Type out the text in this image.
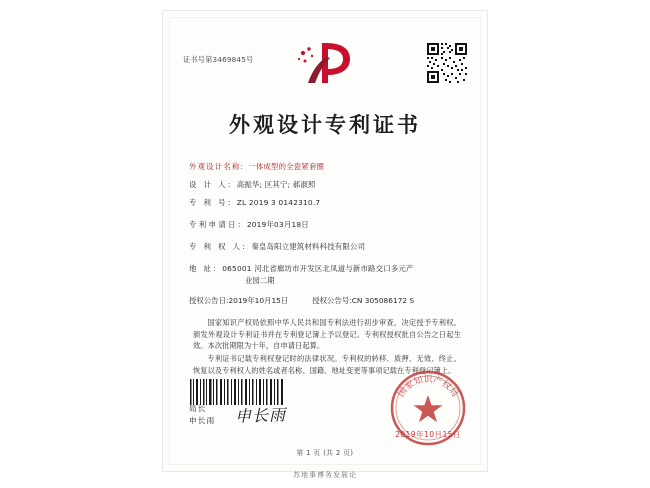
证书号第3469845号
外观设计专利证书
外观设计名称: 一体成型的全瓷紧套圈
设 计 人: 高振华; 区其宁; 郝淑照
专 利 号: ZL 2019 3 0142310.7
专利申请日: 2019年03月18日
专 利 权 人: 秦皇岛阳立建筑材料科技有限公司
地 址: 065001 河北省廊坊市开发区北凤道与新市路交口多元产
业园二期
授权公告日:2019年10月15日	授权公告号:CN 305086172 S
国家知识产权局依照中华人民共和国专利法进行初步审查，决定授予专利权，颁发外观设计专利证书并在专利登记簿上予以登记。专利权授权批自公告之日起生效。本次批期限为十年，自申请日起算。
专利证书记载专利权登记时的法律状况。专利权的转移、质押、无效、终止、恢复以及专利权人的姓名或者名称、国籍、地址变更等事项记载在专利登记簿上。
局长
申长雨 申长雨
国家知识产权局
2019年10月15日
第 1 页 (共 2 页)
苏地事博务发展论
